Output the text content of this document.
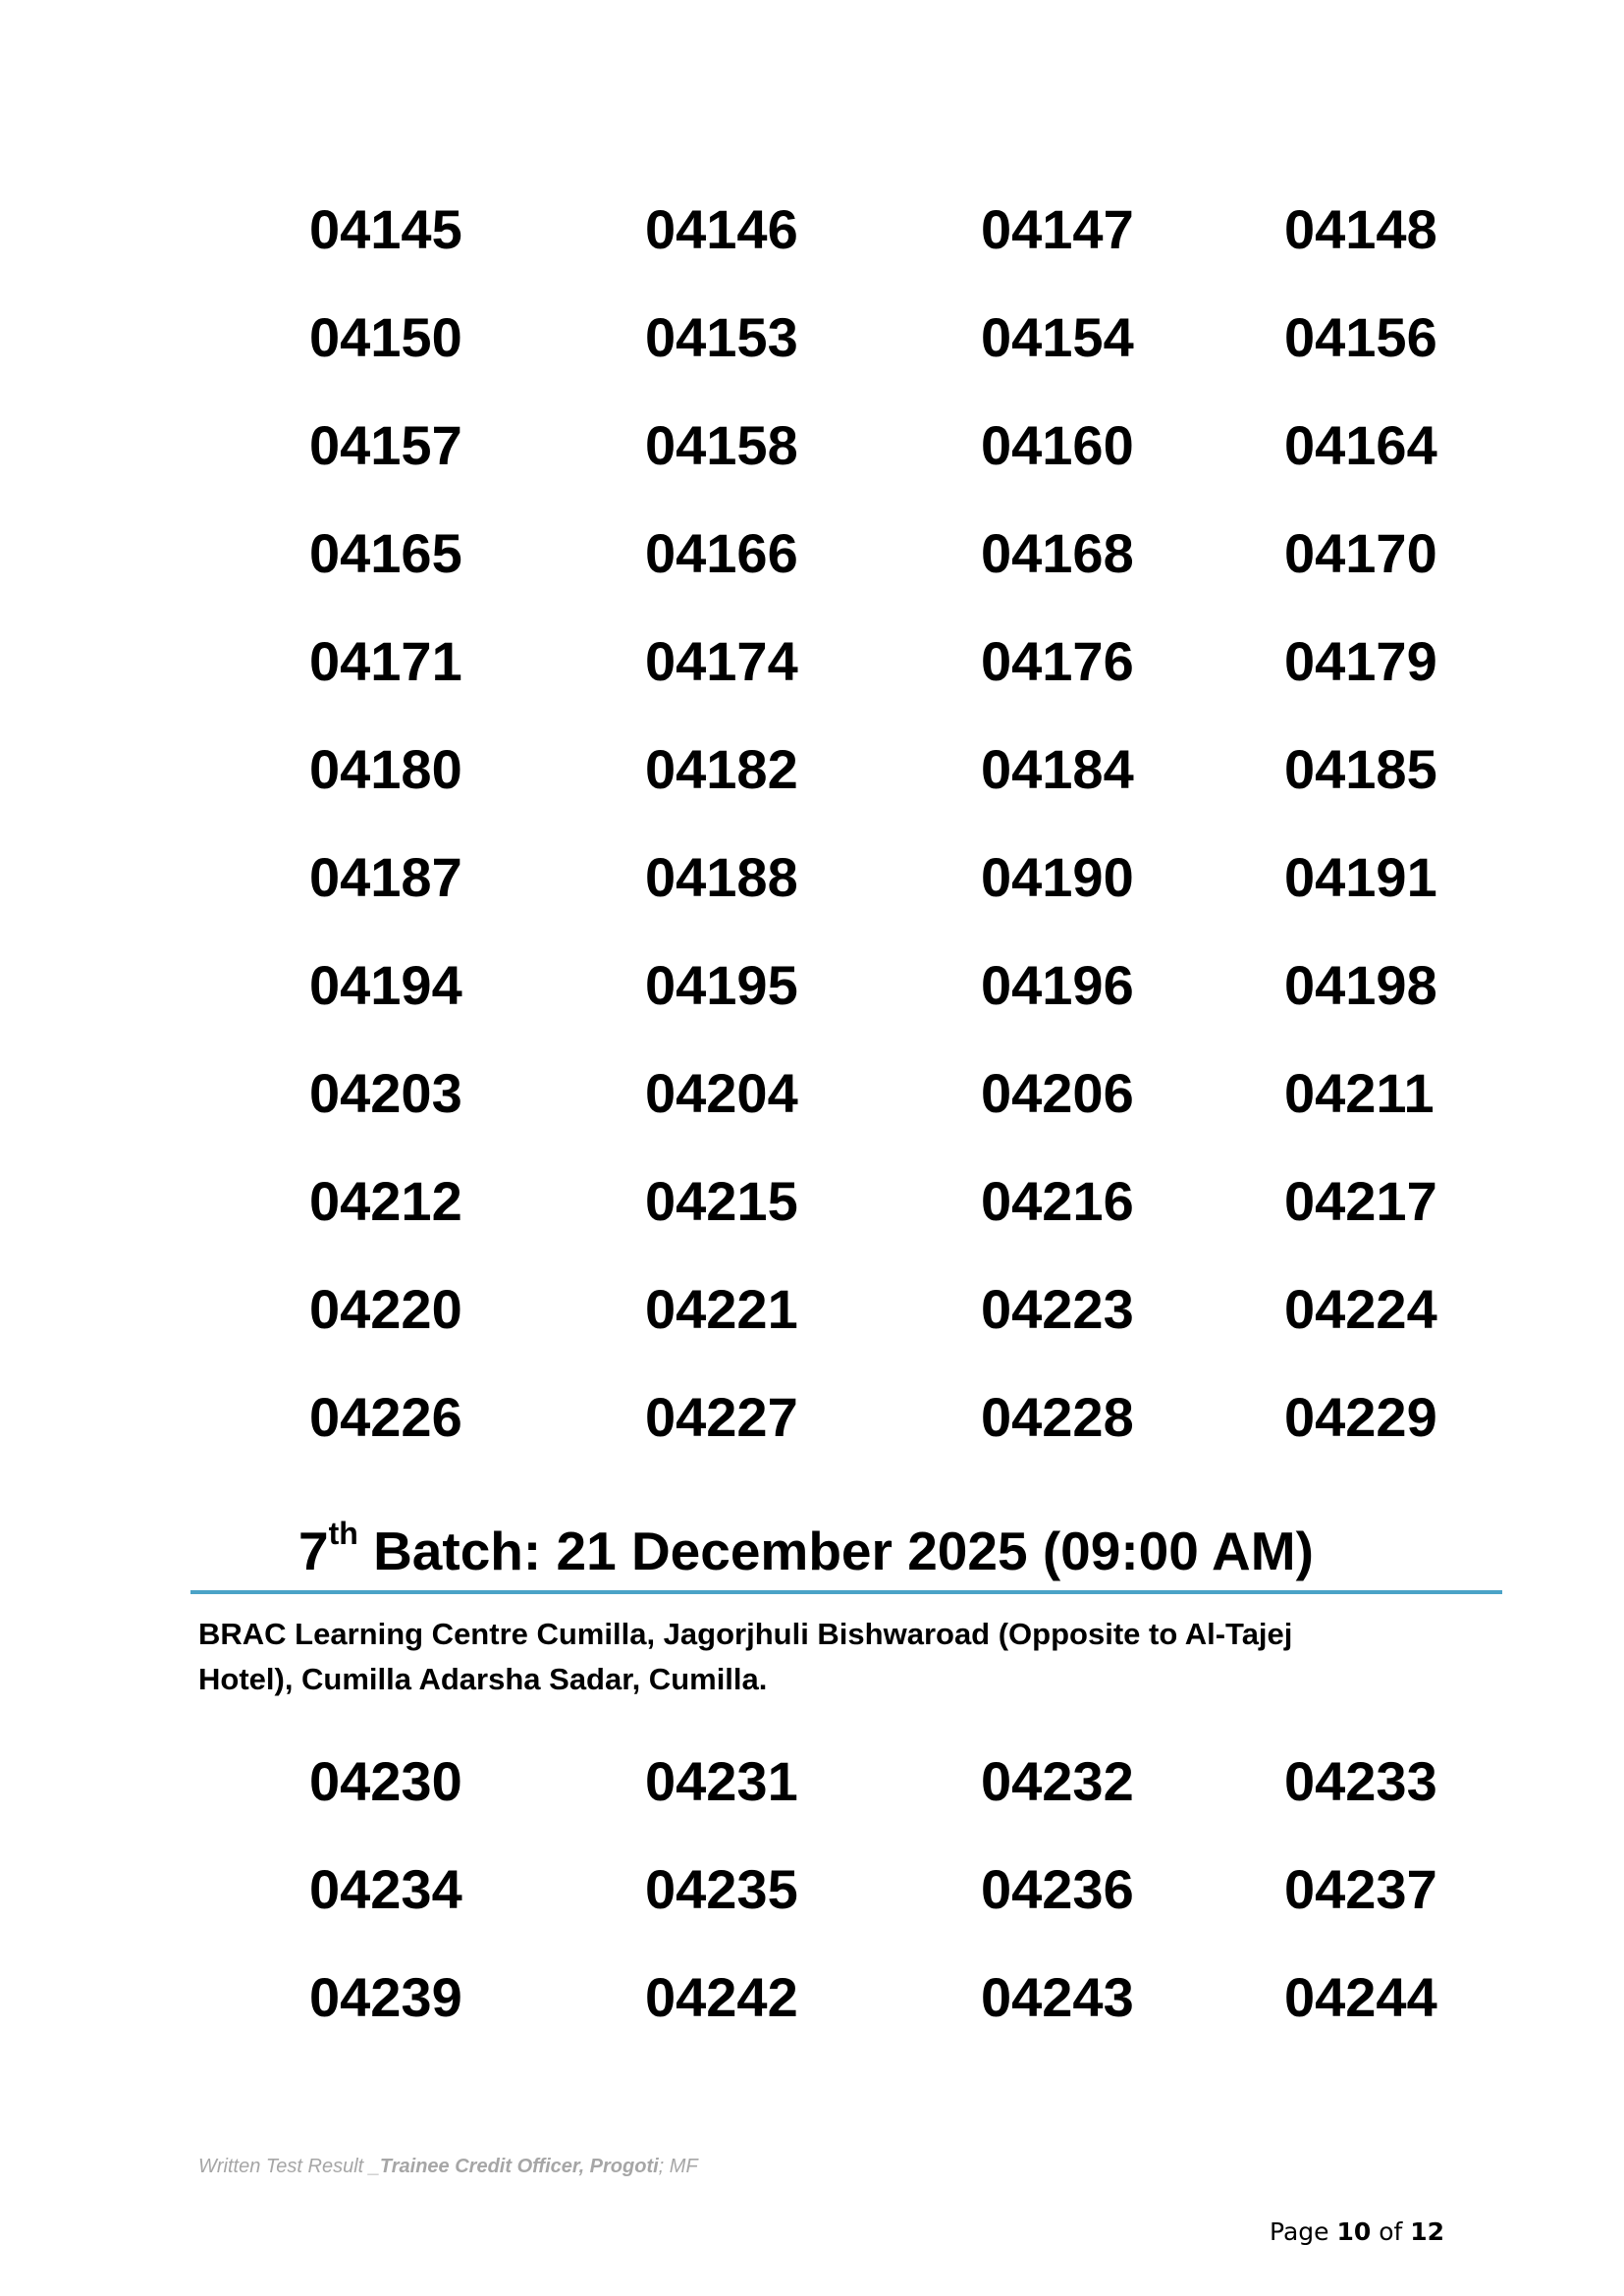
04145	04146	04147	04148
04150	04153	04154	04156
04157	04158	04160	04164
04165	04166	04168	04170
04171	04174	04176	04179
04180	04182	04184	04185
04187	04188	04190	04191
04194	04195	04196	04198
04203	04204	04206	04211
04212	04215	04216	04217
04220	04221	04223	04224
04226	04227	04228	04229
7th Batch: 21 December 2025 (09:00 AM)
BRAC Learning Centre Cumilla, Jagorjhuli Bishwaroad (Opposite to Al-Tajej
Hotel), Cumilla Adarsha Sadar, Cumilla.
04230	04231	04232	04233
04234	04235	04236	04237
04239	04242	04243	04244
Written Test Result _Trainee Credit Officer, Progoti; MF
Page 10 of 12
